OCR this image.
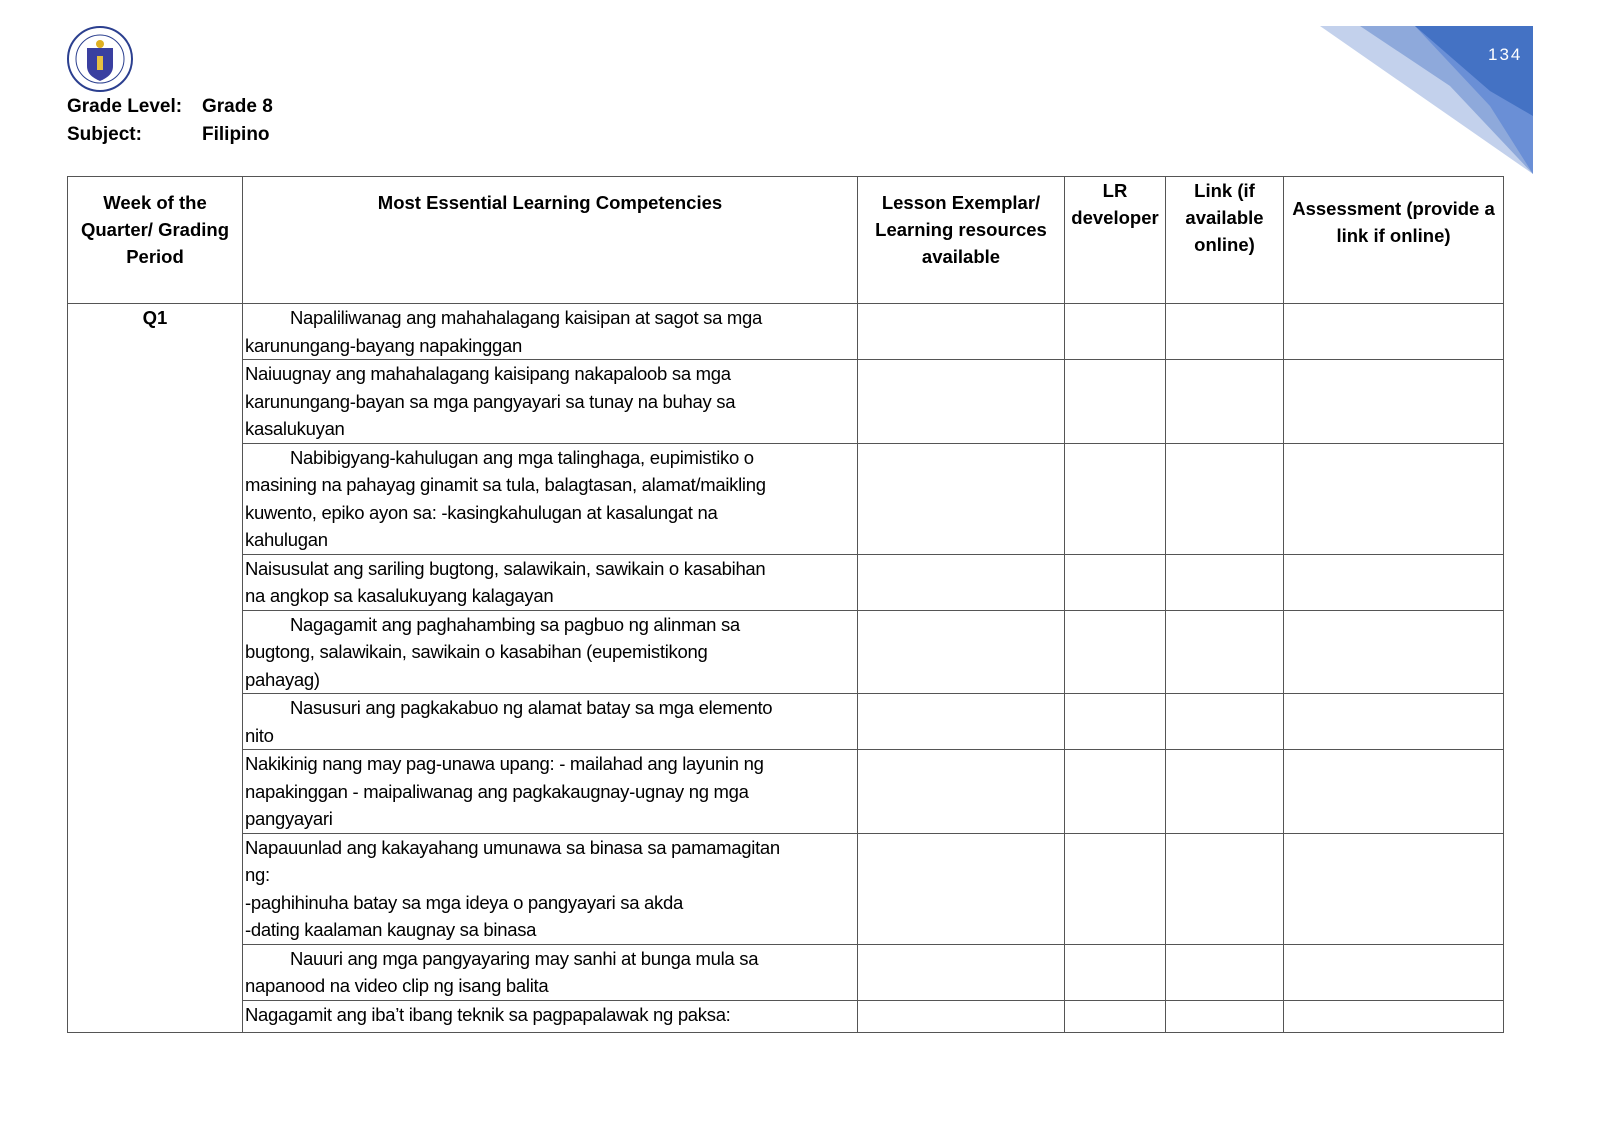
Grade Level: Grade 8
Subject:	Filipino
134
Week of the Quarter/ Grading Period	Most Essential Learning Competencies	Lesson Exemplar/ Learning resources available	LR developer	Link (if available online)	Assessment (provide a link if online)
Q1	Napaliliwanag ang mahahalagang kaisipan at sagot sa mga
karunungang-bayang napakinggan				
	Naiuugnay ang mahahalagang kaisipang nakapaloob sa mga
karunungang-bayan sa mga pangyayari sa tunay na buhay sa
kasalukuyan				
	Nabibigyang-kahulugan ang mga talinghaga, eupimistiko o
masining na pahayag ginamit sa tula, balagtasan, alamat/maikling
kuwento, epiko ayon sa: -kasingkahulugan at kasalungat na
kahulugan				
	Naisusulat ang sariling bugtong, salawikain, sawikain o kasabihan
na angkop sa kasalukuyang kalagayan				
	Nagagamit ang paghahambing sa pagbuo ng alinman sa
bugtong, salawikain, sawikain o kasabihan (eupemistikong
pahayag)				
	Nasusuri ang pagkakabuo ng alamat batay sa mga elemento
nito				
	Nakikinig nang may pag-unawa upang: - mailahad ang layunin ng
napakinggan - maipaliwanag ang pagkakaugnay-ugnay ng mga
pangyayari				
	Napauunlad ang kakayahang umunawa sa binasa sa pamamagitan
ng:
-paghihinuha batay sa mga ideya o pangyayari sa akda
-dating kaalaman kaugnay sa binasa				
	Nauuri ang mga pangyayaring may sanhi at bunga mula sa
napanood na video clip ng isang balita				
	Nagagamit ang iba’t ibang teknik sa pagpapalawak ng paksa:				
